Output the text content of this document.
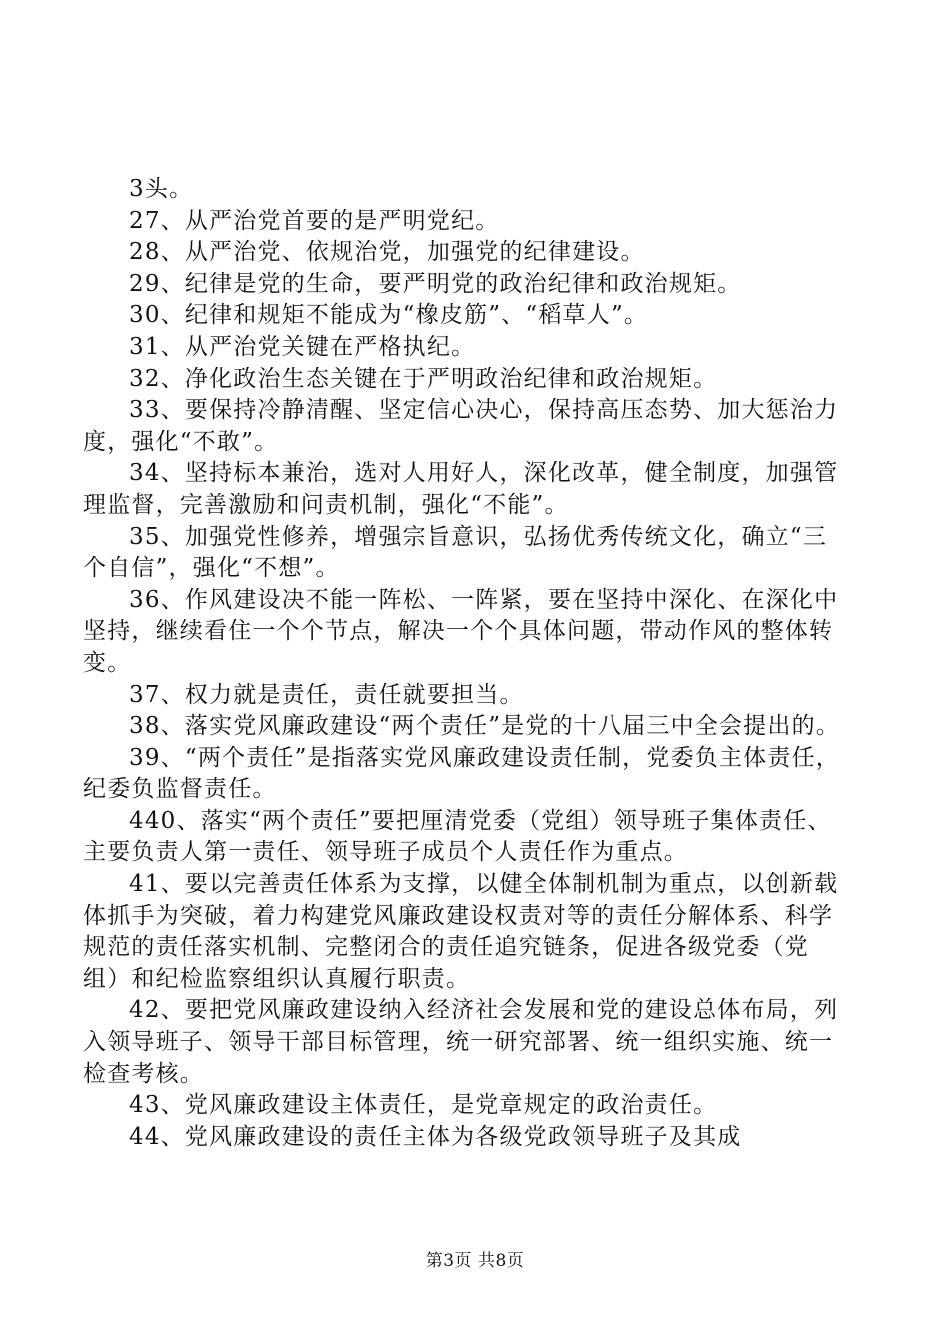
3头。

27、从严治党首要的是严明党纪。

28、从严治党、依规治党，加强党的纪律建设。

29、纪律是党的生命，要严明党的政治纪律和政治规矩。

30、纪律和规矩不能成为“橡皮筋”、“稻草人”。

31、从严治党关键在严格执纪。

32、净化政治生态关键在于严明政治纪律和政治规矩。

33、要保持冷静清醒、坚定信心决心，保持高压态势、加大惩治力度，强化“不敢”。

34、坚持标本兼治，选对人用好人，深化改革，健全制度，加强管理监督，完善激励和问责机制，强化“不能”。

35、加强党性修养，增强宗旨意识，弘扬优秀传统文化，确立“三个自信”，强化“不想”。

36、作风建设决不能一阵松、一阵紧，要在坚持中深化、在深化中坚持，继续看住一个个节点，解决一个个具体问题，带动作风的整体转变。

37、权力就是责任，责任就要担当。

38、落实党风廉政建设“两个责任”是党的十八届三中全会提出的。

39、“两个责任”是指落实党风廉政建设责任制，党委负主体责任，纪委负监督责任。

440、落实“两个责任”要把厘清党委（党组）领导班子集体责任、主要负责人第一责任、领导班子成员个人责任作为重点。

41、要以完善责任体系为支撑，以健全体制机制为重点，以创新载体抓手为突破，着力构建党风廉政建设权责对等的责任分解体系、科学规范的责任落实机制、完整闭合的责任追究链条，促进各级党委（党组）和纪检监察组织认真履行职责。

42、要把党风廉政建设纳入经济社会发展和党的建设总体布局，列入领导班子、领导干部目标管理，统一研究部署、统一组织实施、统一检查考核。

43、党风廉政建设主体责任，是党章规定的政治责任。

44、党风廉政建设的责任主体为各级党政领导班子及其成

第3页 共8页
